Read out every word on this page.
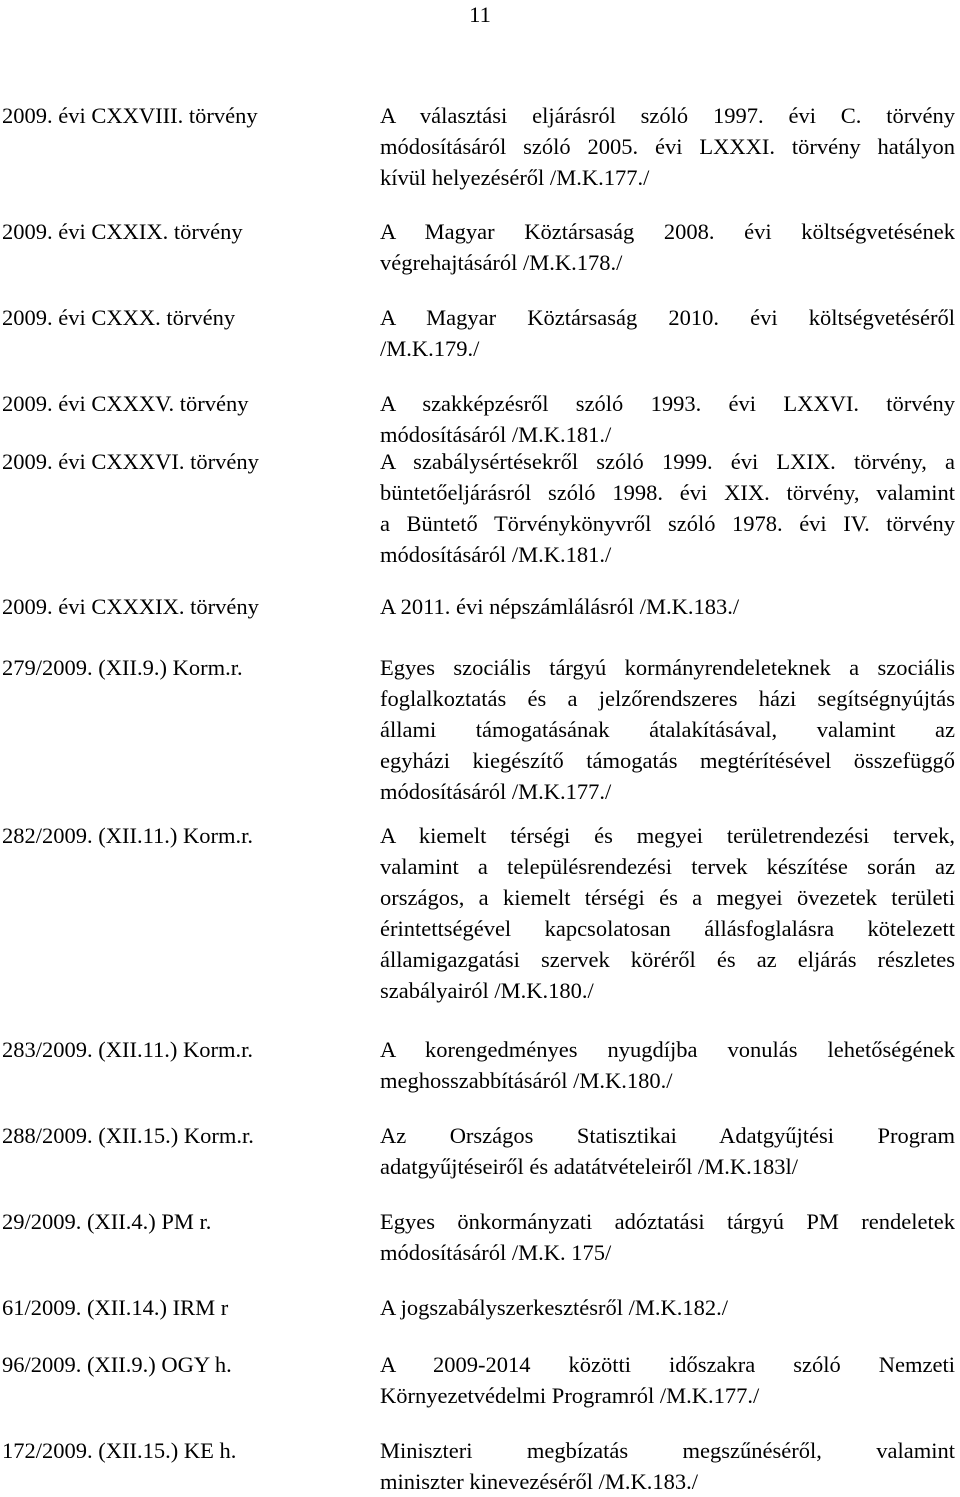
11
2009. évi CXXVIII. törvény	A választási eljárásról szóló 1997. évi C. törvény
módosításáról szóló 2005. évi LXXXI. törvény hatályon
kívül helyezéséről /M.K.177./
2009. évi CXXIX. törvény	A Magyar Köztársaság 2008. évi költségvetésének
végrehajtásáról /M.K.178./
2009. évi CXXX. törvény	A Magyar Köztársaság 2010. évi költségvetéséről
/M.K.179./
2009. évi CXXXV. törvény	A szakképzésről szóló 1993. évi LXXVI. törvény
módosításáról /M.K.181./
2009. évi CXXXVI. törvény	A szabálysértésekről szóló 1999. évi LXIX. törvény, a
büntetőeljárásról szóló 1998. évi XIX. törvény, valamint
a Büntető Törvénykönyvről szóló 1978. évi IV. törvény
módosításáról /M.K.181./
2009. évi CXXXIX. törvény	A 2011. évi népszámlálásról /M.K.183./
279/2009. (XII.9.) Korm.r.	Egyes szociális tárgyú kormányrendeleteknek a szociális
foglalkoztatás és a jelzőrendszeres házi segítségnyújtás
állami támogatásának átalakításával, valamint az
egyházi kiegészítő támogatás megtérítésével összefüggő
módosításáról /M.K.177./
282/2009. (XII.11.) Korm.r.	A kiemelt térségi és megyei területrendezési tervek,
valamint a településrendezési tervek készítése során az
országos, a kiemelt térségi és a megyei övezetek területi
érintettségével kapcsolatosan állásfoglalásra kötelezett
államigazgatási szervek köréről és az eljárás részletes
szabályairól /M.K.180./
283/2009. (XII.11.) Korm.r.	A korengedményes nyugdíjba vonulás lehetőségének
meghosszabbításáról /M.K.180./
288/2009. (XII.15.) Korm.r.	Az Országos Statisztikai Adatgyűjtési Program
adatgyűjtéseiről és adatátvételeiről /M.K.183l/
29/2009. (XII.4.) PM r.	Egyes önkormányzati adóztatási tárgyú PM rendeletek
módosításáról /M.K. 175/
61/2009. (XII.14.) IRM r	A jogszabályszerkesztésről /M.K.182./
96/2009. (XII.9.) OGY h.	A 2009-2014 közötti időszakra szóló Nemzeti
Környezetvédelmi Programról /M.K.177./
172/2009. (XII.15.) KE h.	Miniszteri megbízatás megszűnéséről, valamint
miniszter kinevezéséről /M.K.183./
